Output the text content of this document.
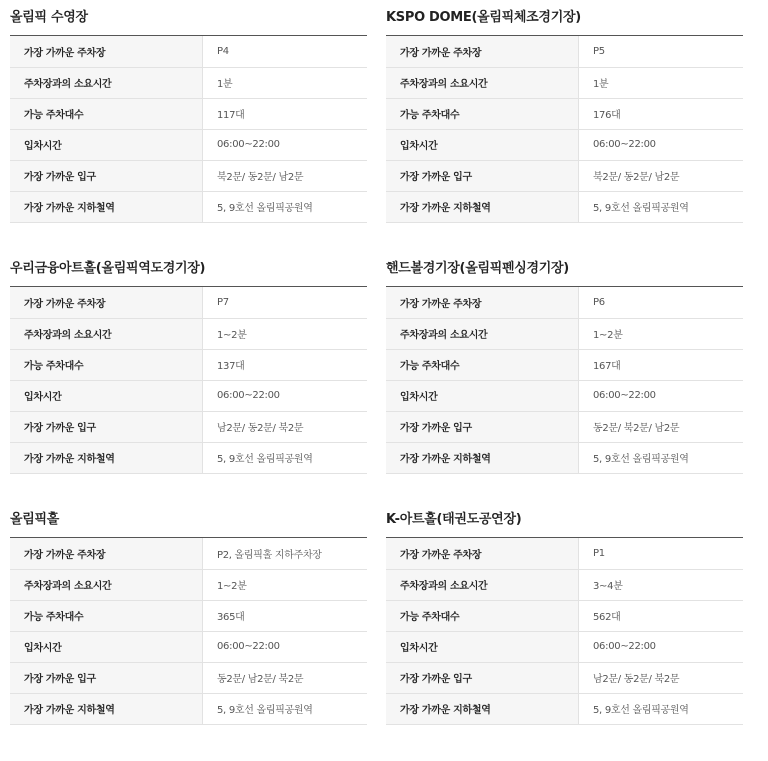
올림픽 수영장
가장 가까운 주차장	P4
주차장과의 소요시간	1분
가능 주차대수	117대
입차시간	06:00~22:00
가장 가까운 입구	북2문/ 동2문/ 남2문
가장 가까운 지하철역	5, 9호선 올림픽공원역
KSPO DOME(올림픽체조경기장)
가장 가까운 주차장	P5
주차장과의 소요시간	1분
가능 주차대수	176대
입차시간	06:00~22:00
가장 가까운 입구	북2문/ 동2문/ 남2문
가장 가까운 지하철역	5, 9호선 올림픽공원역
우리금융아트홀(올림픽역도경기장)
가장 가까운 주차장	P7
주차장과의 소요시간	1~2분
가능 주차대수	137대
입차시간	06:00~22:00
가장 가까운 입구	남2문/ 동2문/ 북2문
가장 가까운 지하철역	5, 9호선 올림픽공원역
핸드볼경기장(올림픽펜싱경기장)
가장 가까운 주차장	P6
주차장과의 소요시간	1~2분
가능 주차대수	167대
입차시간	06:00~22:00
가장 가까운 입구	동2문/ 북2문/ 남2문
가장 가까운 지하철역	5, 9호선 올림픽공원역
올림픽홀
가장 가까운 주차장	P2, 올림픽홀 지하주차장
주차장과의 소요시간	1~2분
가능 주차대수	365대
입차시간	06:00~22:00
가장 가까운 입구	동2문/ 남2문/ 북2문
가장 가까운 지하철역	5, 9호선 올림픽공원역
K-아트홀(태권도공연장)
가장 가까운 주차장	P1
주차장과의 소요시간	3~4분
가능 주차대수	562대
입차시간	06:00~22:00
가장 가까운 입구	남2문/ 동2문/ 북2문
가장 가까운 지하철역	5, 9호선 올림픽공원역
